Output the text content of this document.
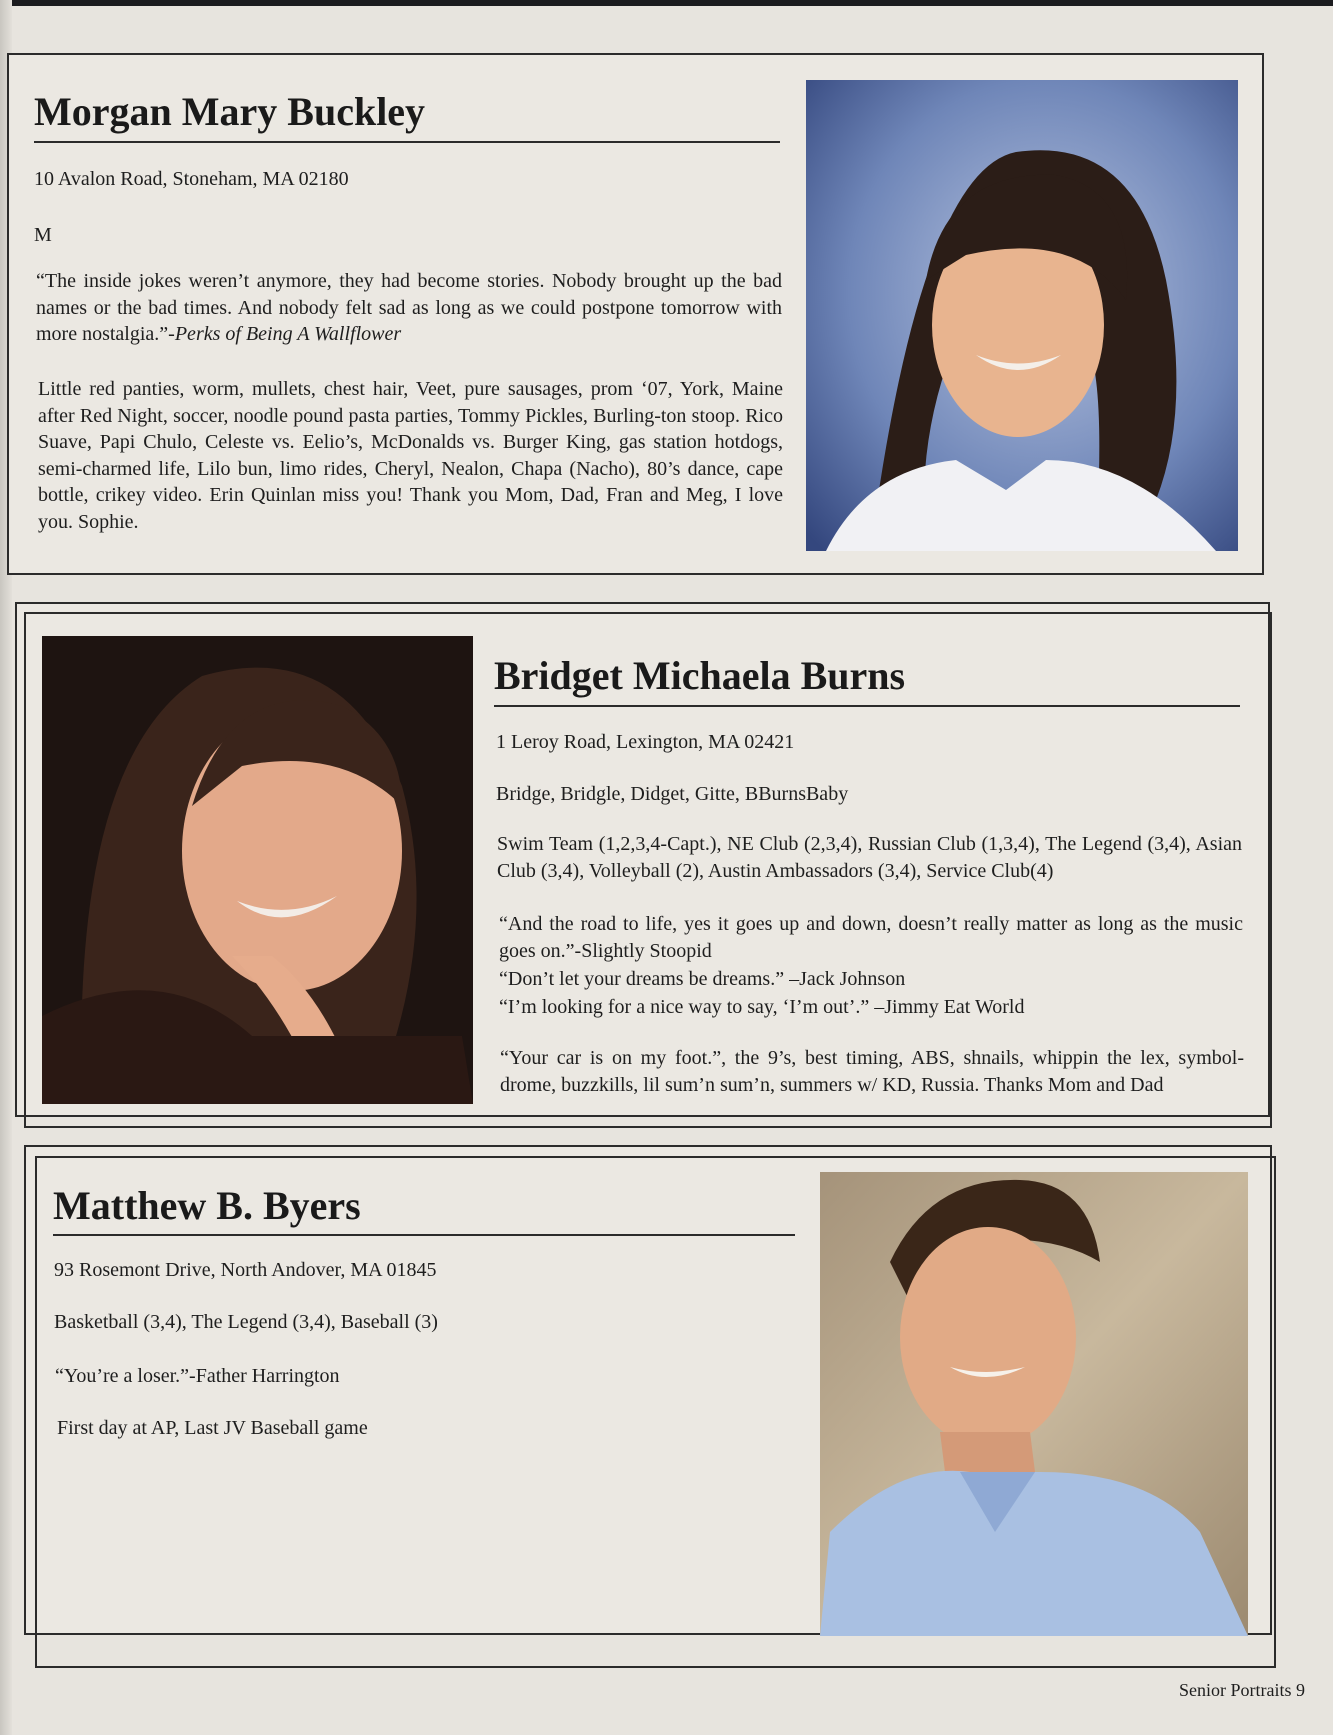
Morgan Mary Buckley

10 Avalon Road, Stoneham, MA 02180

M

“The inside jokes weren’t anymore, they had become stories. Nobody brought up the bad names or the bad times. And nobody felt sad as long as we could postpone tomorrow with more nostalgia.”-Perks of Being A Wallflower

Little red panties, worm, mullets, chest hair, Veet, pure sausages, prom ‘07, York, Maine after Red Night, soccer, noodle pound pasta parties, Tommy Pickles, Burling-ton stoop. Rico Suave, Papi Chulo, Celeste vs. Eelio’s, McDonalds vs. Burger King, gas station hotdogs, semi-charmed life, Lilo bun, limo rides, Cheryl, Nealon, Chapa (Nacho), 80’s dance, cape bottle, crikey video. Erin Quinlan miss you! Thank you Mom, Dad, Fran and Meg, I love you. Sophie.

Bridget Michaela Burns

1 Leroy Road, Lexington, MA 02421

Bridge, Bridgle, Didget, Gitte, BBurnsBaby

Swim Team (1,2,3,4-Capt.), NE Club (2,3,4), Russian Club (1,3,4), The Legend (3,4), Asian Club (3,4), Volleyball (2), Austin Ambassadors (3,4), Service Club(4)

“And the road to life, yes it goes up and down, doesn’t really matter as long as the music goes on.”-Slightly Stoopid

“Don’t let your dreams be dreams.” –Jack Johnson

“I’m looking for a nice way to say, ‘I’m out’.” –Jimmy Eat World

“Your car is on my foot.”, the 9’s, best timing, ABS, shnails, whippin the lex, symbol-drome, buzzkills, lil sum’n sum’n, summers w/ KD, Russia. Thanks Mom and Dad

Matthew B. Byers

93 Rosemont Drive, North Andover, MA 01845

Basketball (3,4), The Legend (3,4), Baseball (3)

“You’re a loser.”-Father Harrington

First day at AP, Last JV Baseball game

Senior Portraits 9
